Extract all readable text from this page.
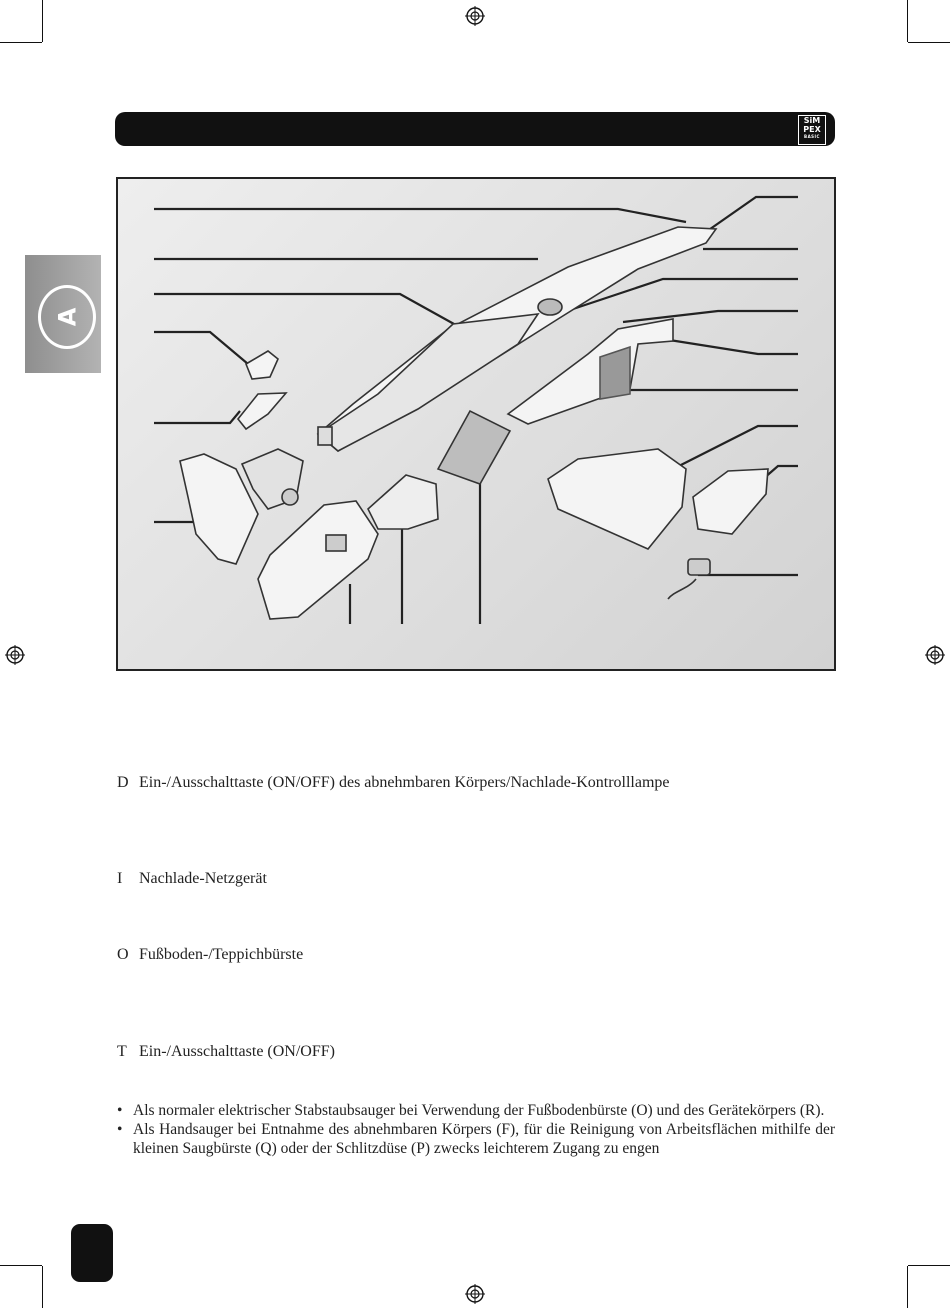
SiM
PEX
BASIC
A
D Ein-/Ausschalttaste (ON/OFF) des abnehmbaren Körpers/Nachlade-Kontrolllampe
I Nachlade-Netzgerät
O Fußboden-/Teppichbürste
T Ein-/Ausschalttaste (ON/OFF)
• Als normaler elektrischer Stabstaubsauger bei Verwendung der Fußbodenbürste (O) und des Gerätekörpers (R).
• Als Handsauger bei Entnahme des abnehmbaren Körpers (F), für die Reinigung von Arbeitsflächen mithilfe der kleinen Saugbürste (Q) oder der Schlitzdüse (P) zwecks leichterem Zugang zu engen
